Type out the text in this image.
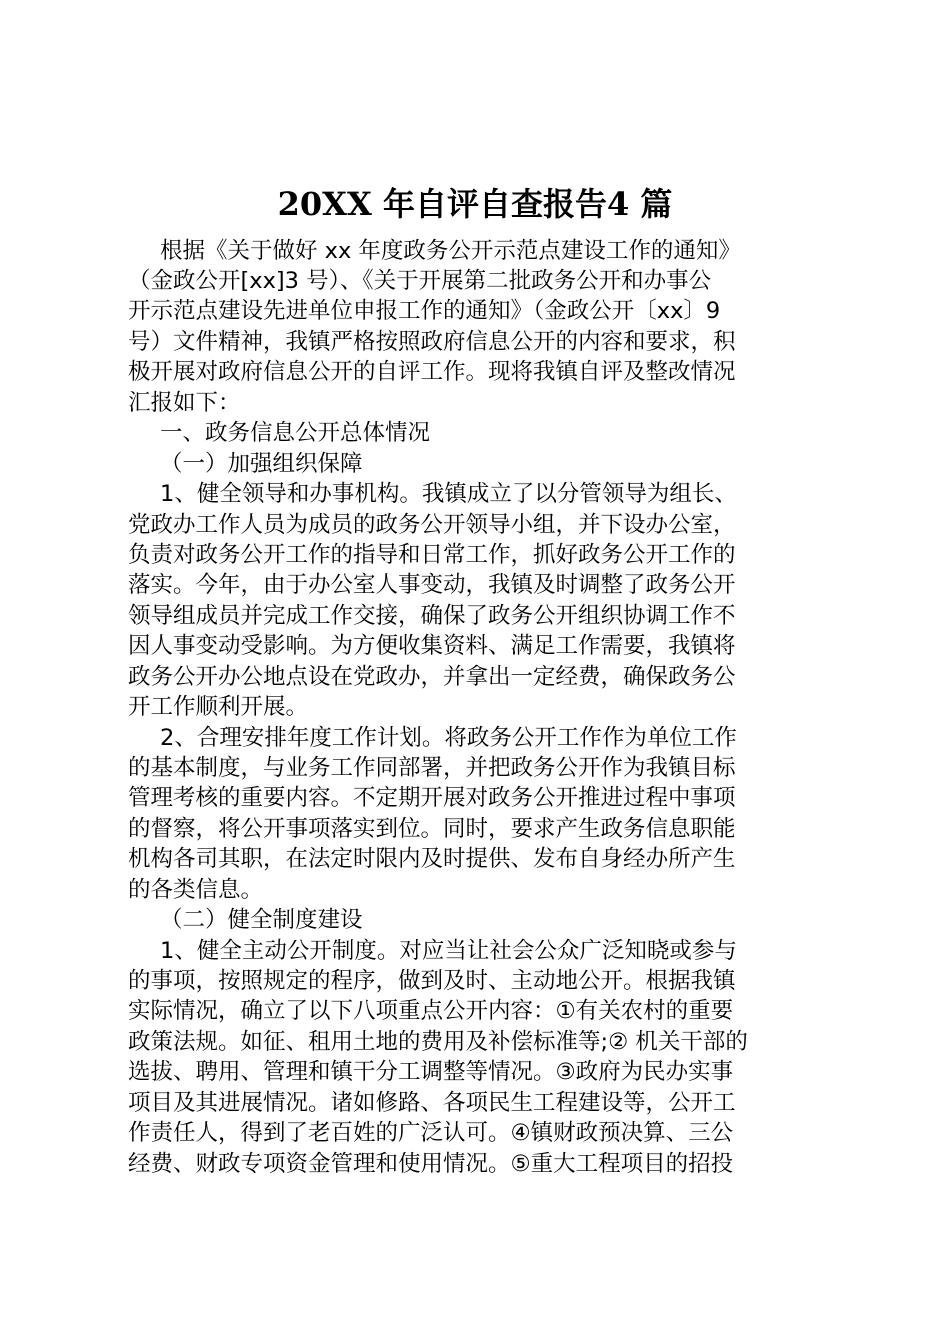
20XX 年自评自查报告4 篇
根据《关于做好 xx 年度政务公开示范点建设工作的通知》
（金政公开[xx]3 号）、《关于开展第二批政务公开和办事公
开示范点建设先进单位申报工作的通知》（金政公开〔xx〕9
号）文件精神，我镇严格按照政府信息公开的内容和要求，积
极开展对政府信息公开的自评工作。现将我镇自评及整改情况
汇报如下：
一、政务信息公开总体情况
（一）加强组织保障
1、健全领导和办事机构。我镇成立了以分管领导为组长、
党政办工作人员为成员的政务公开领导小组，并下设办公室，
负责对政务公开工作的指导和日常工作，抓好政务公开工作的
落实。今年，由于办公室人事变动，我镇及时调整了政务公开
领导组成员并完成工作交接，确保了政务公开组织协调工作不
因人事变动受影响。为方便收集资料、满足工作需要，我镇将
政务公开办公地点设在党政办，并拿出一定经费，确保政务公
开工作顺利开展。
2、合理安排年度工作计划。将政务公开工作作为单位工作
的基本制度，与业务工作同部署，并把政务公开作为我镇目标
管理考核的重要内容。不定期开展对政务公开推进过程中事项
的督察，将公开事项落实到位。同时，要求产生政务信息职能
机构各司其职，在法定时限内及时提供、发布自身经办所产生
的各类信息。
（二）健全制度建设
1、健全主动公开制度。对应当让社会公众广泛知晓或参与
的事项，按照规定的程序，做到及时、主动地公开。根据我镇
实际情况，确立了以下八项重点公开内容：①有关农村的重要
政策法规。如征、租用土地的费用及补偿标准等;② 机关干部的
选拔、聘用、管理和镇干分工调整等情况。③政府为民办实事
项目及其进展情况。诸如修路、各项民生工程建设等，公开工
作责任人，得到了老百姓的广泛认可。④镇财政预决算、三公
经费、财政专项资金管理和使用情况。⑤重大工程项目的招投
